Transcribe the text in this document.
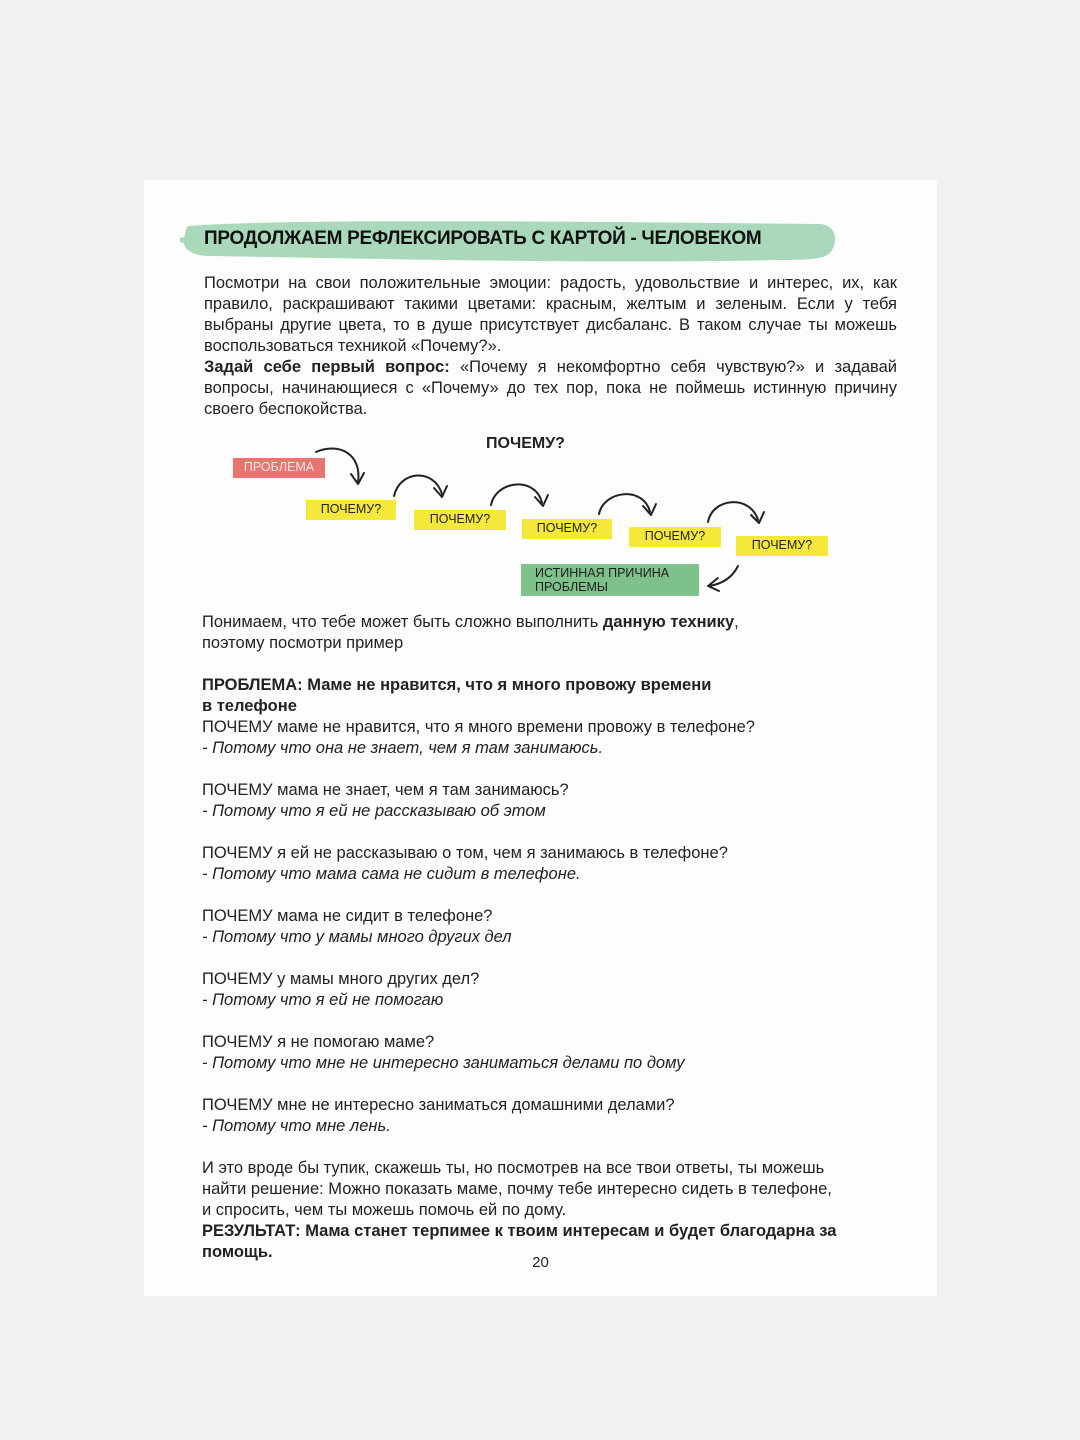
ПРОДОЛЖАЕМ РЕФЛЕКСИРОВАТЬ С КАРТОЙ - ЧЕЛОВЕКОМ

Посмотри на свои положительные эмоции: радость, удовольствие и интерес, их, как правило, раскрашивают такими цветами: красным, желтым и зеленым. Если у тебя выбраны другие цвета, то в душе присутствует дисбаланс. В таком случае ты можешь воспользоваться техникой «Почему?».

Задай себе первый вопрос: «Почему я некомфортно себя чувствую?» и задавай вопросы, начинающиеся с «Почему» до тех пор, пока не поймешь истинную причину своего беспокойства.

ПОЧЕМУ?
ПРОБЛЕМА
ПОЧЕМУ?
ПОЧЕМУ?
ПОЧЕМУ?
ПОЧЕМУ?
ПОЧЕМУ?
ИСТИННАЯ ПРИЧИНА
ПРОБЛЕМЫ

Понимаем, что тебе может быть сложно выполнить данную технику,

поэтому посмотри пример

ПРОБЛЕМА: Маме не нравится, что я много провожу времени

в телефоне

ПОЧЕМУ маме не нравится, что я много времени провожу в телефоне?

- Потому что она не знает, чем я там занимаюсь.

ПОЧЕМУ мама не знает, чем я там занимаюсь?

- Потому что я ей не рассказываю об этом

ПОЧЕМУ я ей не рассказываю о том, чем я занимаюсь в телефоне?

- Потому что мама сама не сидит в телефоне.

ПОЧЕМУ мама не сидит в телефоне?

- Потому что у мамы много других дел

ПОЧЕМУ у мамы много других дел?

- Потому что я ей не помогаю

ПОЧЕМУ я не помогаю маме?

- Потому что мне не интересно заниматься делами по дому

ПОЧЕМУ мне не интересно заниматься домашними делами?

- Потому что мне лень.

И это вроде бы тупик, скажешь ты, но посмотрев на все твои ответы, ты можешь

найти решение: Можно показать маме, почму тебе интересно сидеть в телефоне,

и спросить, чем ты можешь помочь ей по дому.

РЕЗУЛЬТАТ: Мама станет терпимее к твоим интересам и будет благодарна за

помощь.

20
